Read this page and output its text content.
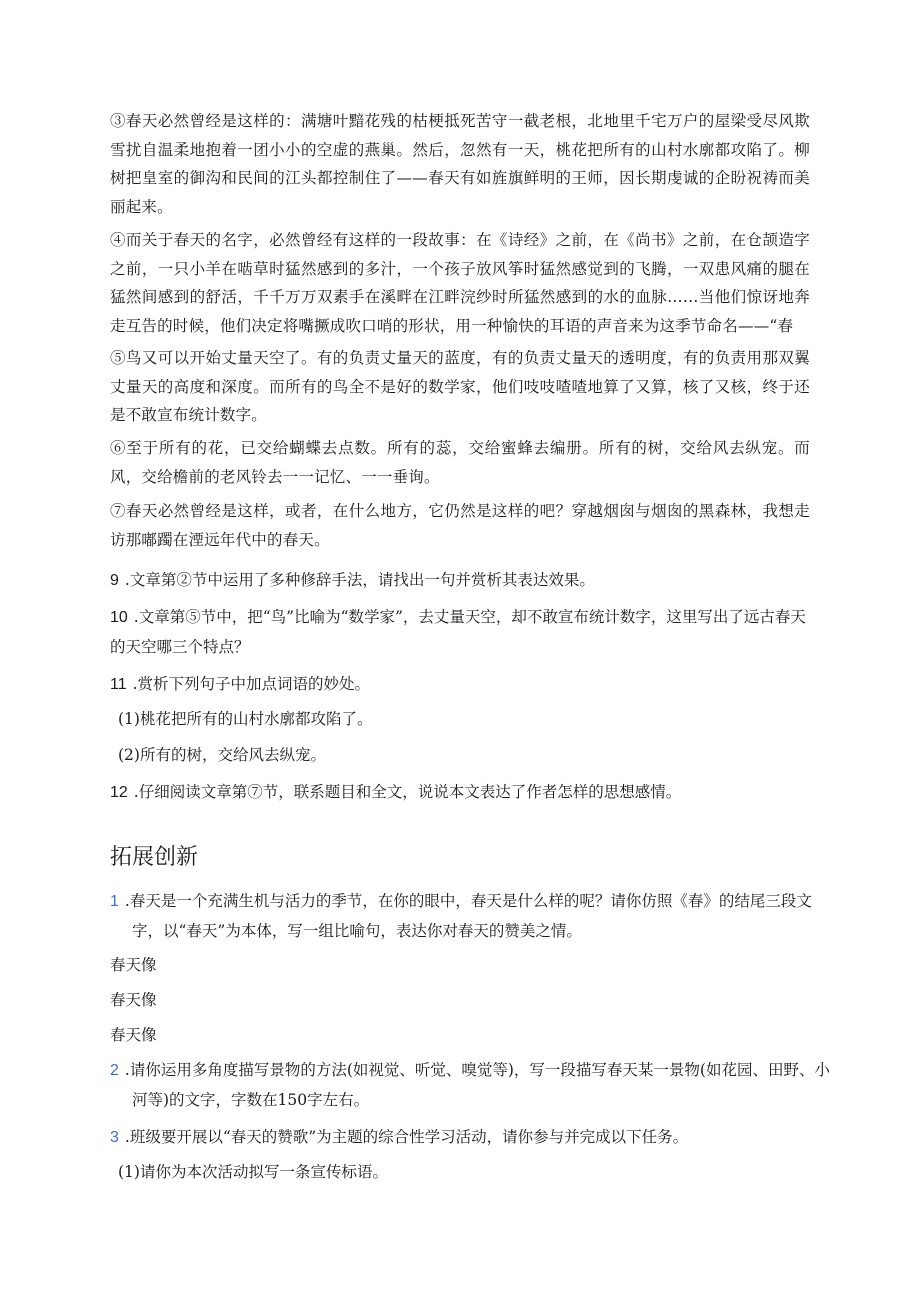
③春天必然曾经是这样的：满塘叶黯花残的枯梗抵死苦守一截老根，北地里千宅万户的屋梁受尽风欺雪扰自温柔地抱着一团小小的空虚的燕巢。然后，忽然有一天，桃花把所有的山村水廓都攻陷了。柳树把皇室的御沟和民间的江头都控制住了——春天有如旌旗鲜明的王师，因长期虔诚的企盼祝祷而美丽起来。
④而关于春天的名字，必然曾经有这样的一段故事：在《诗经》之前，在《尚书》之前，在仓颉造字之前，一只小羊在啮草时猛然感到的多汁，一个孩子放风筝时猛然感觉到的飞腾，一双患风痛的腿在猛然间感到的舒活，千千万万双素手在溪畔在江畔浣纱时所猛然感到的水的血脉……当他们惊讶地奔走互告的时候，他们决定将嘴撅成吹口哨的形状，用一种愉快的耳语的声音来为这季节命名——“春
⑤鸟又可以开始丈量天空了。有的负责丈量天的蓝度，有的负责丈量天的透明度，有的负责用那双翼丈量天的高度和深度。而所有的鸟全不是好的数学家，他们吱吱喳喳地算了又算，核了又核，终于还是不敢宣布统计数字。
⑥至于所有的花，已交给蝴蝶去点数。所有的蕊，交给蜜蜂去编册。所有的树，交给风去纵宠。而风，交给檐前的老风铃去一一记忆、一一垂询。
⑦春天必然曾经是这样，或者，在什么地方，它仍然是这样的吧？穿越烟囱与烟囱的黑森林，我想走访那嘟躅在湮远年代中的春天。
9 .文章第②节中运用了多种修辞手法，请找出一句并赏析其表达效果。
10 .文章第⑤节中，把“鸟”比喻为“数学家”，去丈量天空，却不敢宣布统计数字，这里写出了远古春天的天空哪三个特点？
11 .赏析下列句子中加点词语的妙处。
(1)桃花把所有的山村水廓都攻陷了。
(2)所有的树，交给风去纵宠。
12 .仔细阅读文章第⑦节，联系题目和全文，说说本文表达了作者怎样的思想感情。
拓展创新
1 .春天是一个充满生机与活力的季节，在你的眼中，春天是什么样的呢？请你仿照《春》的结尾三段文字，以“春天”为本体，写一组比喻句，表达你对春天的赞美之情。
春天像
春天像
春天像
2 .请你运用多角度描写景物的方法(如视觉、听觉、嗅觉等)，写一段描写春天某一景物(如花园、田野、小河等)的文字，字数在150字左右。
3 .班级要开展以“春天的赞歌”为主题的综合性学习活动，请你参与并完成以下任务。
(1)请你为本次活动拟写一条宣传标语。
